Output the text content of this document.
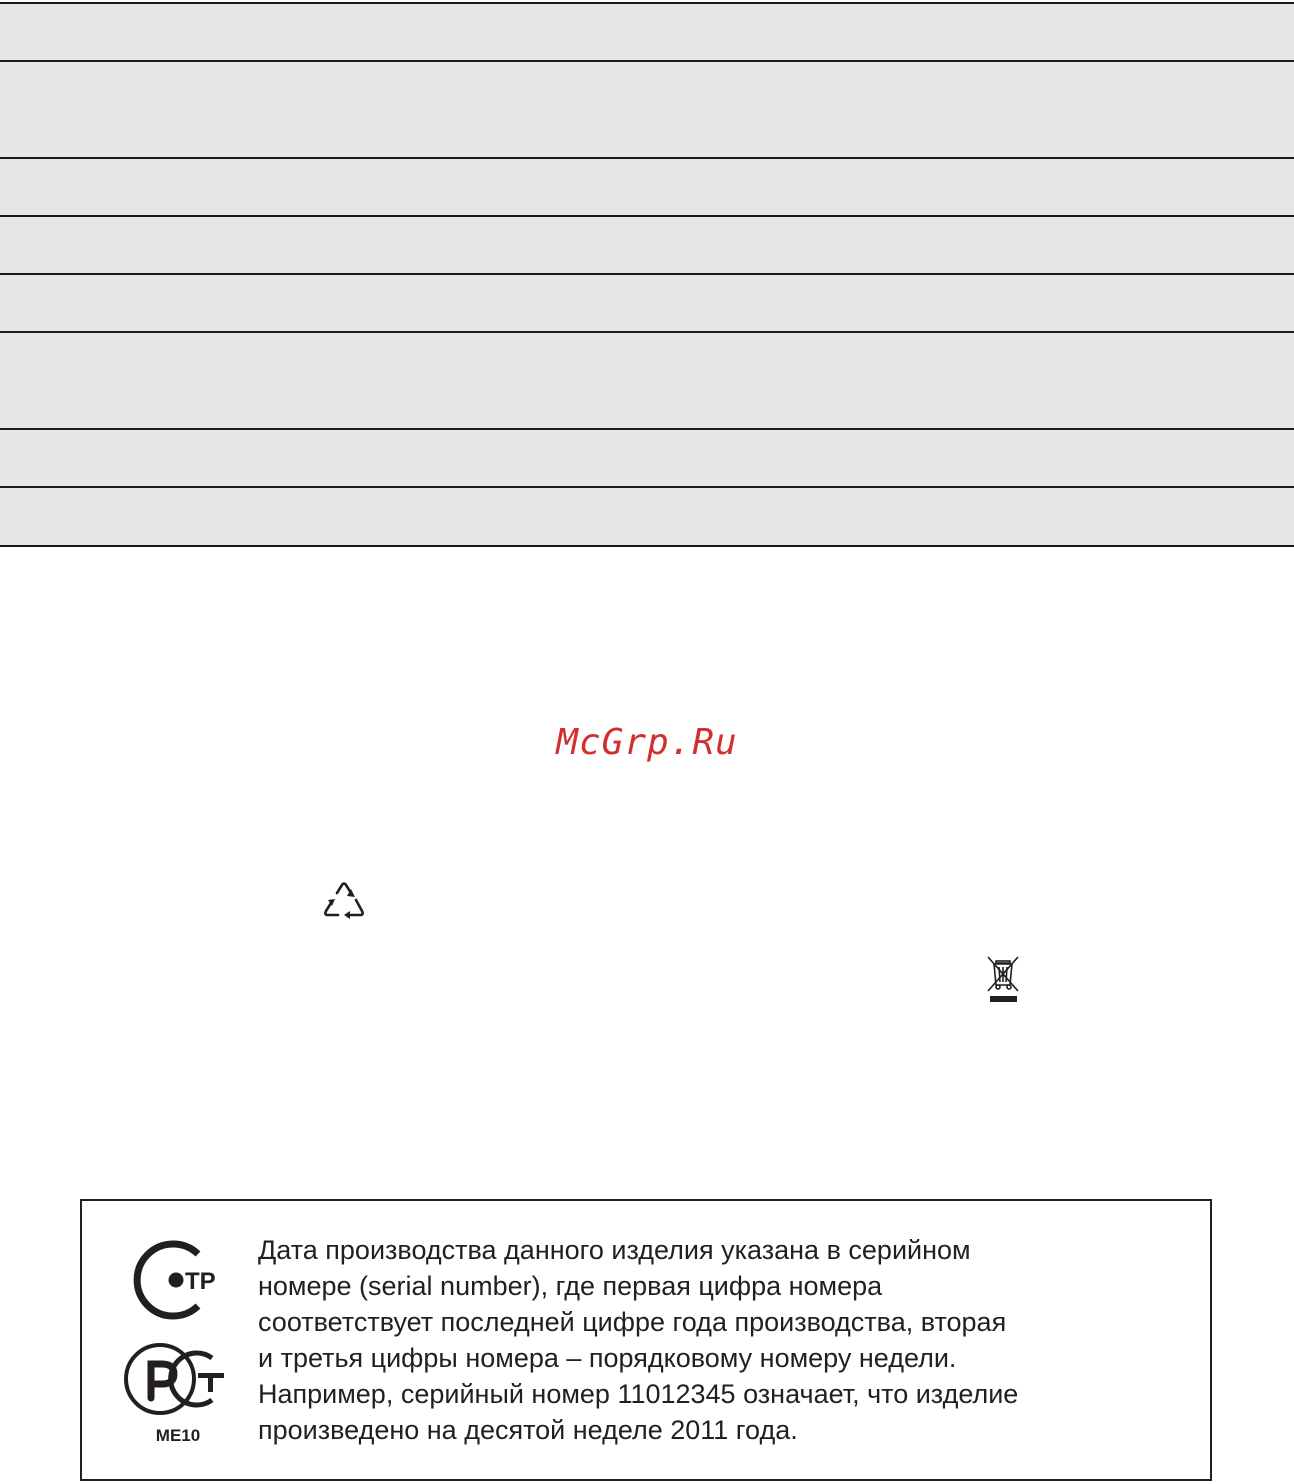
McGrp.Ru
TP
ME10
Дата производства данного изделия указана в серийном
номере (serial number), где первая цифра номера
соответствует последней цифре года производства, вторая
и третья цифры номера – порядковому номеру недели.
Например, серийный номер 11012345 означает, что изделие
произведено на десятой неделе 2011 года.
